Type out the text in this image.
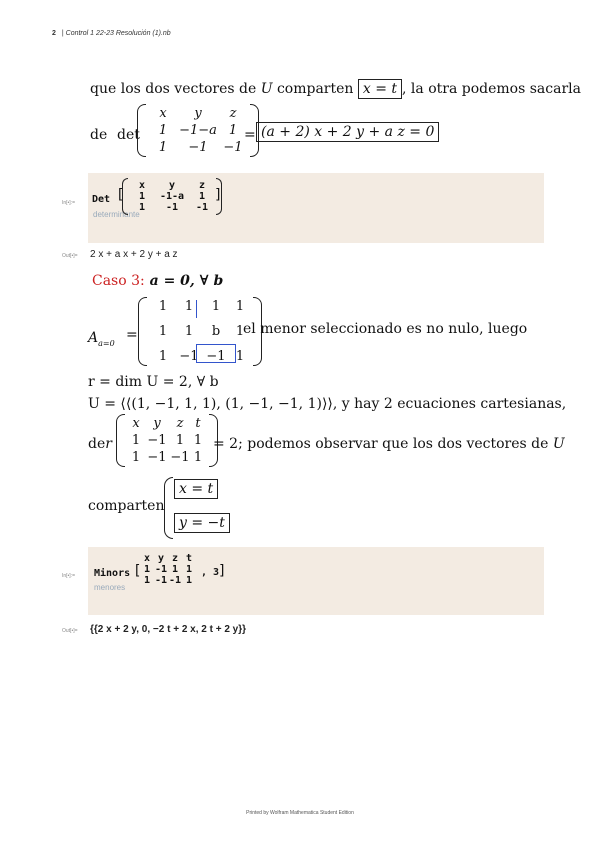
2 | Control 1 22-23 Resolución (1).nb
que los dos vectores de U comparten x = t , la otra podemos sacarla
de det
x	y	z
1 −1−a 1
1	−1	−1
= (a + 2) x + 2 y + a z = 0
In[•]:= Det
determinante
[
x	y	z
1	-1-a	1
1	-1	-1
]
Out[•]= 2 x + a x + 2 y + a z
Caso 3: a = 0, ∀ b
$A_{a=0}$
=
1	1	1	1
1	1	b	1
1 −1 −1 1
el menor seleccionado es no nulo, luego
r = dim U = 2, ∀ b
U = ⟨⟨(1, −1, 1, 1), (1, −1, −1, 1)⟩⟩, y hay 2 ecuaciones cartesianas,
der
x	y	z t
1 −1 1 1
1 −1 −1 1
= 2; podemos observar que los dos vectores de U
comparten
x = t
y = −t
In[•]:= Minors
menores
[
x y z t
1 -1 1 1
1 -1 -1 1
, 3
]
Out[•]= {{2 x + 2 y, 0, −2 t + 2 x, 2 t + 2 y}}
Printed by Wolfram Mathematica Student Edition
